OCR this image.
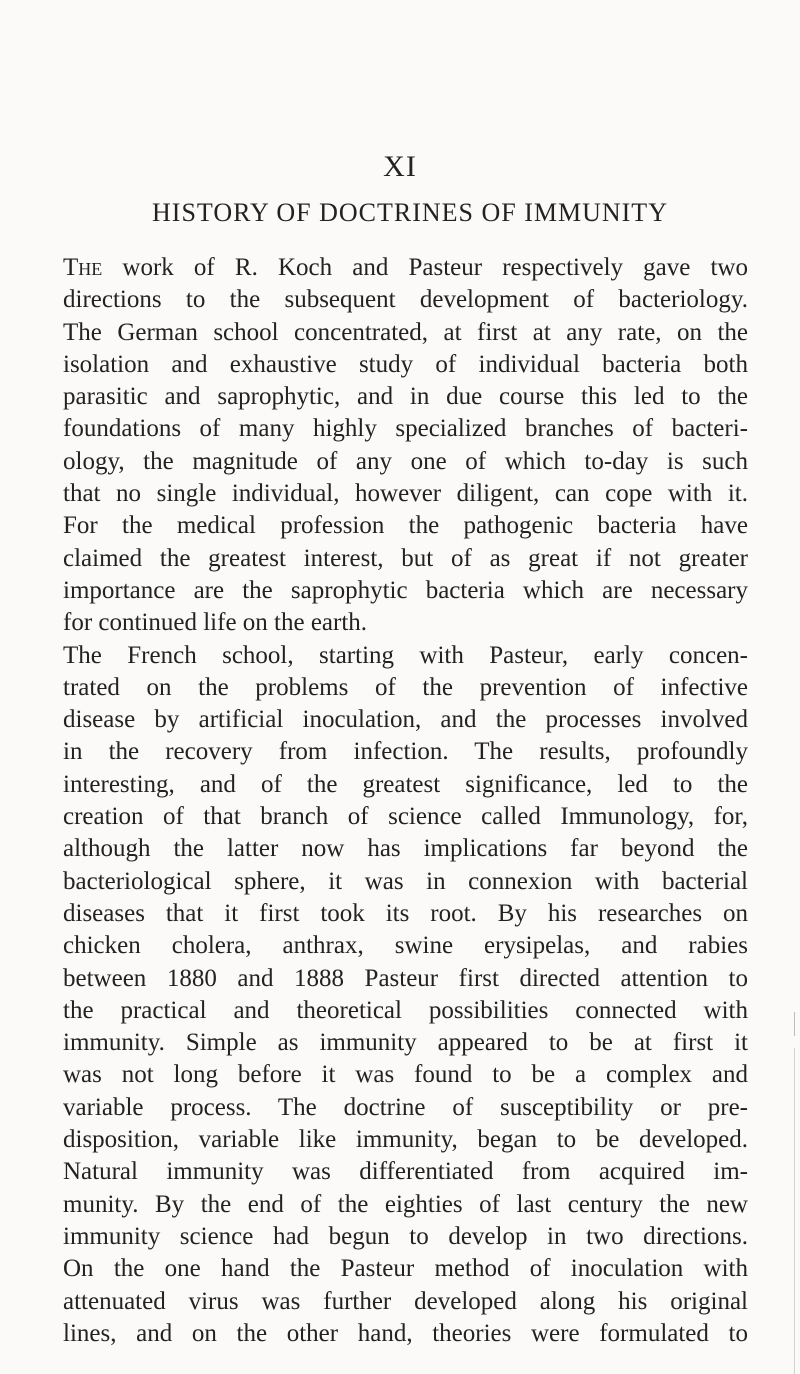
XI
HISTORY OF DOCTRINES OF IMMUNITY
The work of R. Koch and Pasteur respectively gave two
directions to the subsequent development of bacteriology.
The German school concentrated, at first at any rate, on the
isolation and exhaustive study of individual bacteria both
parasitic and saprophytic, and in due course this led to the
foundations of many highly specialized branches of bacteri-
ology, the magnitude of any one of which to-day is such
that no single individual, however diligent, can cope with it.
For the medical profession the pathogenic bacteria have
claimed the greatest interest, but of as great if not greater
importance are the saprophytic bacteria which are necessary
for continued life on the earth.
The French school, starting with Pasteur, early concen-
trated on the problems of the prevention of infective
disease by artificial inoculation, and the processes involved
in the recovery from infection. The results, profoundly
interesting, and of the greatest significance, led to the
creation of that branch of science called Immunology, for,
although the latter now has implications far beyond the
bacteriological sphere, it was in connexion with bacterial
diseases that it first took its root. By his researches on
chicken cholera, anthrax, swine erysipelas, and rabies
between 1880 and 1888 Pasteur first directed attention to
the practical and theoretical possibilities connected with
immunity. Simple as immunity appeared to be at first it
was not long before it was found to be a complex and
variable process. The doctrine of susceptibility or pre-
disposition, variable like immunity, began to be developed.
Natural immunity was differentiated from acquired im-
munity. By the end of the eighties of last century the new
immunity science had begun to develop in two directions.
On the one hand the Pasteur method of inoculation with
attenuated virus was further developed along his original
lines, and on the other hand, theories were formulated to
